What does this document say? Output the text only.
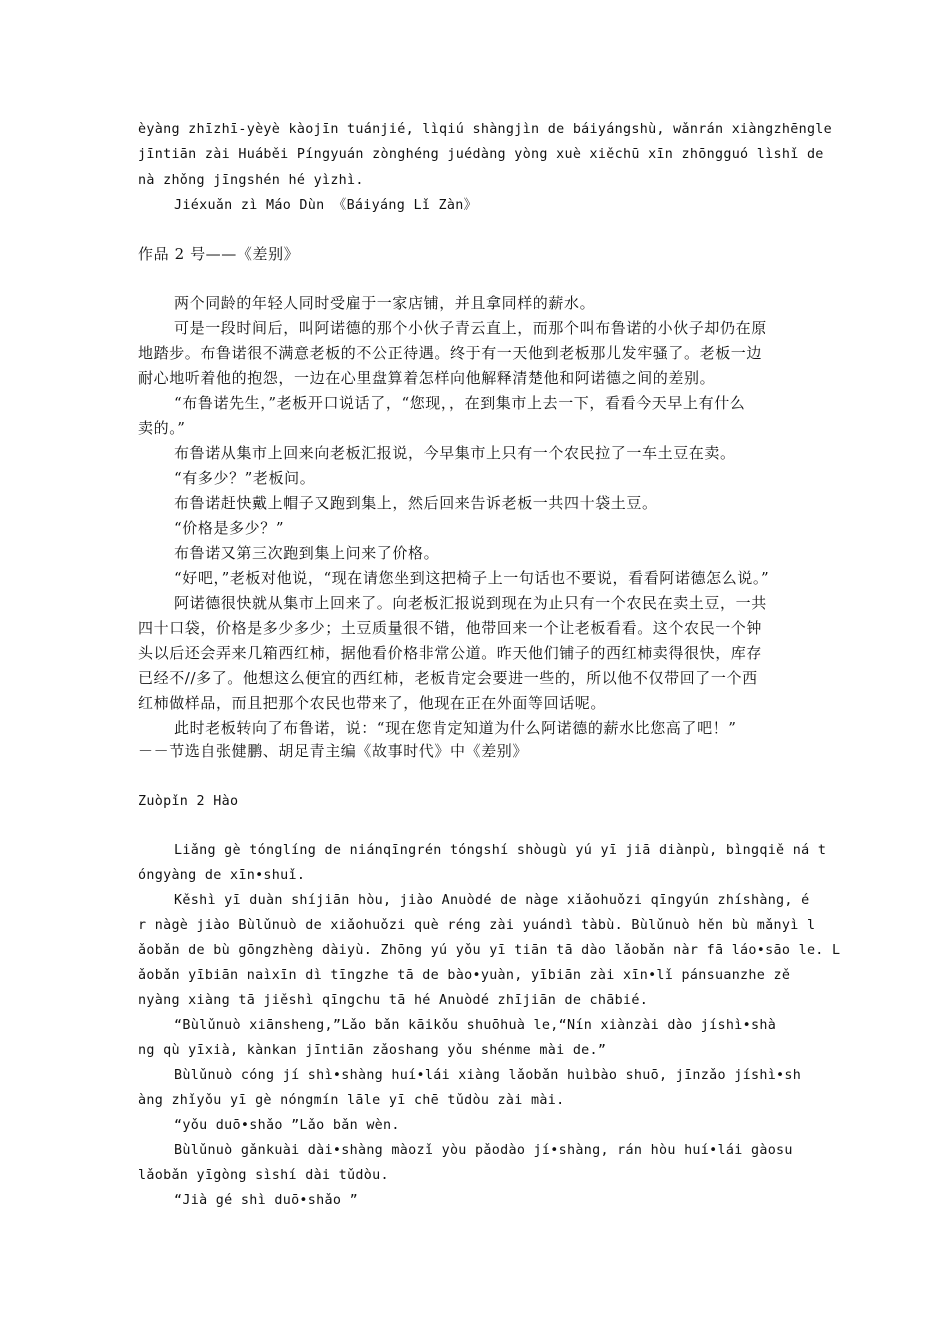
èyàng zhīzhī-yèyè kàojīn tuánjié, lìqiú shàngjìn de báiyángshù, wǎnrán xiàngzhēngle
jīntiān zài Huáběi Píngyuán zònghéng juédàng yòng xuè xiěchū xīn zhōngguó lìshǐ de
nà zhǒng jīngshén hé yìzhì.
Jiéxuǎn zì Máo Dùn 《Báiyáng Lǐ Zàn》
作品 2 号——《差别》
两个同龄的年轻人同时受雇于一家店铺，并且拿同样的薪水。
可是一段时间后，叫阿诺德的那个小伙子青云直上，而那个叫布鲁诺的小伙子却仍在原
地踏步。布鲁诺很不满意老板的不公正待遇。终于有一天他到老板那儿发牢骚了。老板一边
耐心地听着他的抱怨，一边在心里盘算着怎样向他解释清楚他和阿诺德之间的差别。
“布鲁诺先生，”老板开口说话了，“您现，，在到集市上去一下，看看今天早上有什么
卖的。”
布鲁诺从集市上回来向老板汇报说，今早集市上只有一个农民拉了一车土豆在卖。
“有多少？”老板问。
布鲁诺赶快戴上帽子又跑到集上，然后回来告诉老板一共四十袋土豆。
“价格是多少？”
布鲁诺又第三次跑到集上问来了价格。
“好吧，”老板对他说，“现在请您坐到这把椅子上一句话也不要说，看看阿诺德怎么说。”
阿诺德很快就从集市上回来了。向老板汇报说到现在为止只有一个农民在卖土豆，一共
四十口袋，价格是多少多少；土豆质量很不错，他带回来一个让老板看看。这个农民一个钟
头以后还会弄来几箱西红柿，据他看价格非常公道。昨天他们铺子的西红柿卖得很快，库存
已经不//多了。他想这么便宜的西红柿，老板肯定会要进一些的，所以他不仅带回了一个西
红柿做样品，而且把那个农民也带来了，他现在正在外面等回话呢。
此时老板转向了布鲁诺，说：“现在您肯定知道为什么阿诺德的薪水比您高了吧！”
－－节选自张健鹏、胡足青主编《故事时代》中《差别》
Zuòpǐn 2 Hào
Liǎng gè tónglíng de niánqīngrén tóngshí shòugù yú yī jiā diànpù, bìngqiě ná t
óngyàng de xīn•shuǐ.
Kěshì yī duàn shíjiān hòu, jiào Anuòdé de nàge xiǎohuǒzi qīngyún zhíshàng, é
r nàgè jiào Bùlǔnuò de xiǎohuǒzi què réng zài yuándì tàbù. Bùlǔnuò hěn bù mǎnyì l
ǎobǎn de bù gōngzhèng dàiyù. Zhōng yú yǒu yī tiān tā dào lǎobǎn nàr fā láo•sāo le. L
ǎobǎn yībiān naìxīn dì tīngzhe tā de bào•yuàn, yībiān zài xīn•lǐ pánsuanzhe zě
nyàng xiàng tā jiěshì qīngchu tā hé Anuòdé zhījiān de chābié.
“Bùlǔnuò xiānsheng,”Lǎo bǎn kāikǒu shuōhuà le,“Nín xiànzài dào jíshì•shà
ng qù yīxià, kànkan jīntiān zǎoshang yǒu shénme mài de.”
Bùlǔnuò cóng jí shì•shàng huí•lái xiàng lǎobǎn huìbào shuō, jīnzǎo jíshì•sh
àng zhǐyǒu yī gè nóngmín lāle yī chē tǔdòu zài mài.
“yǒu duō•shǎo ”Lǎo bǎn wèn.
Bùlǔnuò gǎnkuài dài•shàng màozǐ yòu pǎodào jí•shàng, rán hòu huí•lái gàosu
lǎobǎn yīgòng sìshí dài tǔdòu.
“Jià gé shì duō•shǎo ”
